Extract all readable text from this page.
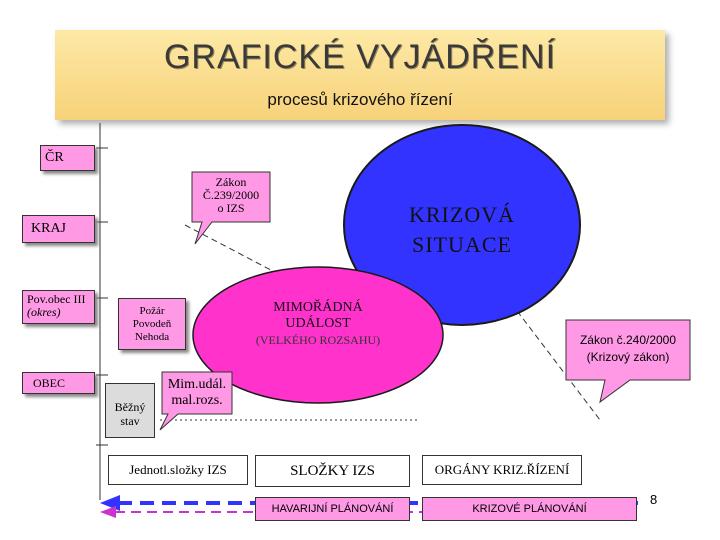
GRAFICKÉ VYJÁDŘENÍ
procesů krizového řízení
ČR
KRAJ
Pov.obec III
(okres)
OBEC
Zákon
Č.239/2000
o IZS
Zákon č.240/2000
(Krizový zákon)
Mim.udál.
mal.rozs.
KRIZOVÁ
SITUACE
MIMOŘÁDNÁ
UDÁLOST
(VELKÉHO ROZSAHU)
Požár
Povodeň
Nehoda
Běžný
stav
Jednotl.složky IZS	SLOŽKY IZS	ORGÁNY KRIZ.ŘÍZENÍ
HAVARIJNÍ PLÁNOVÁNÍ	KRIZOVÉ PLÁNOVÁNÍ
8
